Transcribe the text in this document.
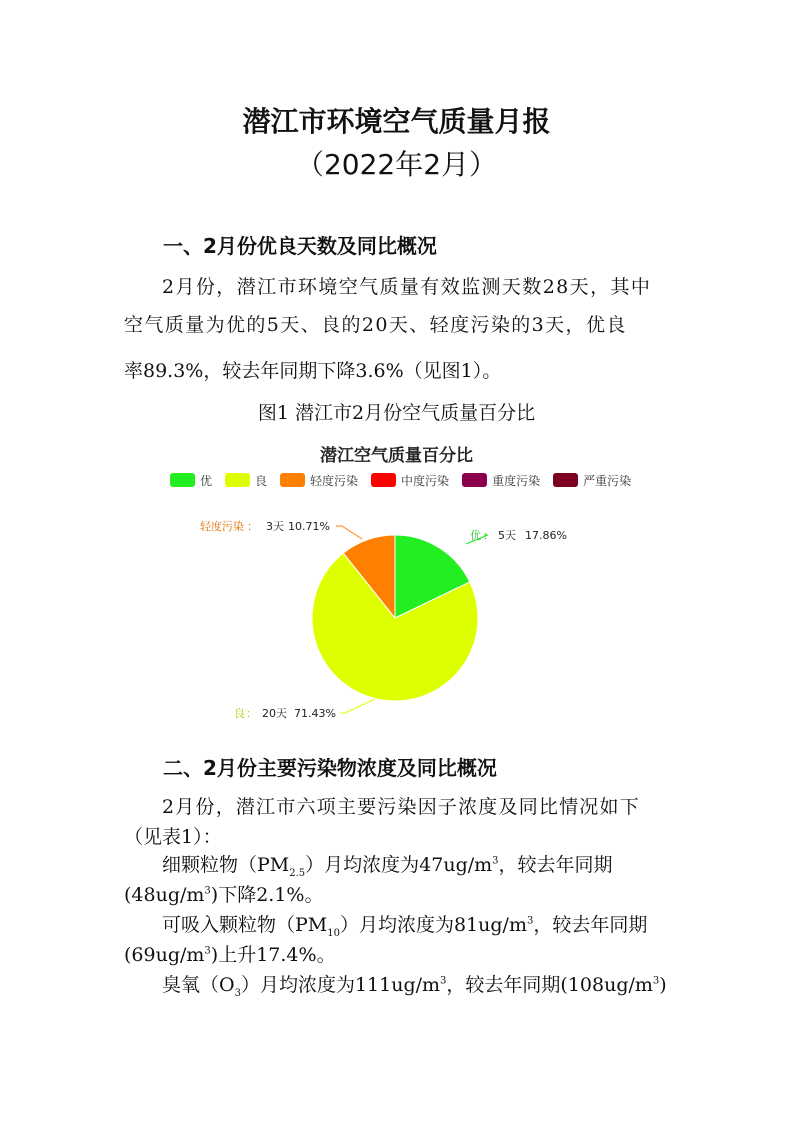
潜江市环境空气质量月报
（2022年2月）
一、2月份优良天数及同比概况
2月份，潜江市环境空气质量有效监测天数28天，其中
空气质量为优的5天、良的20天、轻度污染的3天，优良
率89.3%，较去年同期下降3.6%（见图1）。
图1 潜江市2月份空气质量百分比
潜江空气质量百分比
优	良	轻度污染	中度污染	重度污染	严重污染
优 ： 5天 17.86%
良 ： 20天 71.43%
轻度污染 ： 3天 10.71%
二、2月份主要污染物浓度及同比概况
2月份，潜江市六项主要污染因子浓度及同比情况如下
（见表1）：
细颗粒物$(PM_{2.5})$月均浓度为$47ug/m^3$，较去年同期
$(48ug/m^3)$下降2.1%。
可吸入颗粒物$(PM_{10})$月均浓度为$81ug/m^3$，较去年同期
$(69ug/m^3)$上升17.4%。
臭氧$(O_3)$月均浓度为$111ug/m^3$，较去年同期$(108ug/m^3)$
